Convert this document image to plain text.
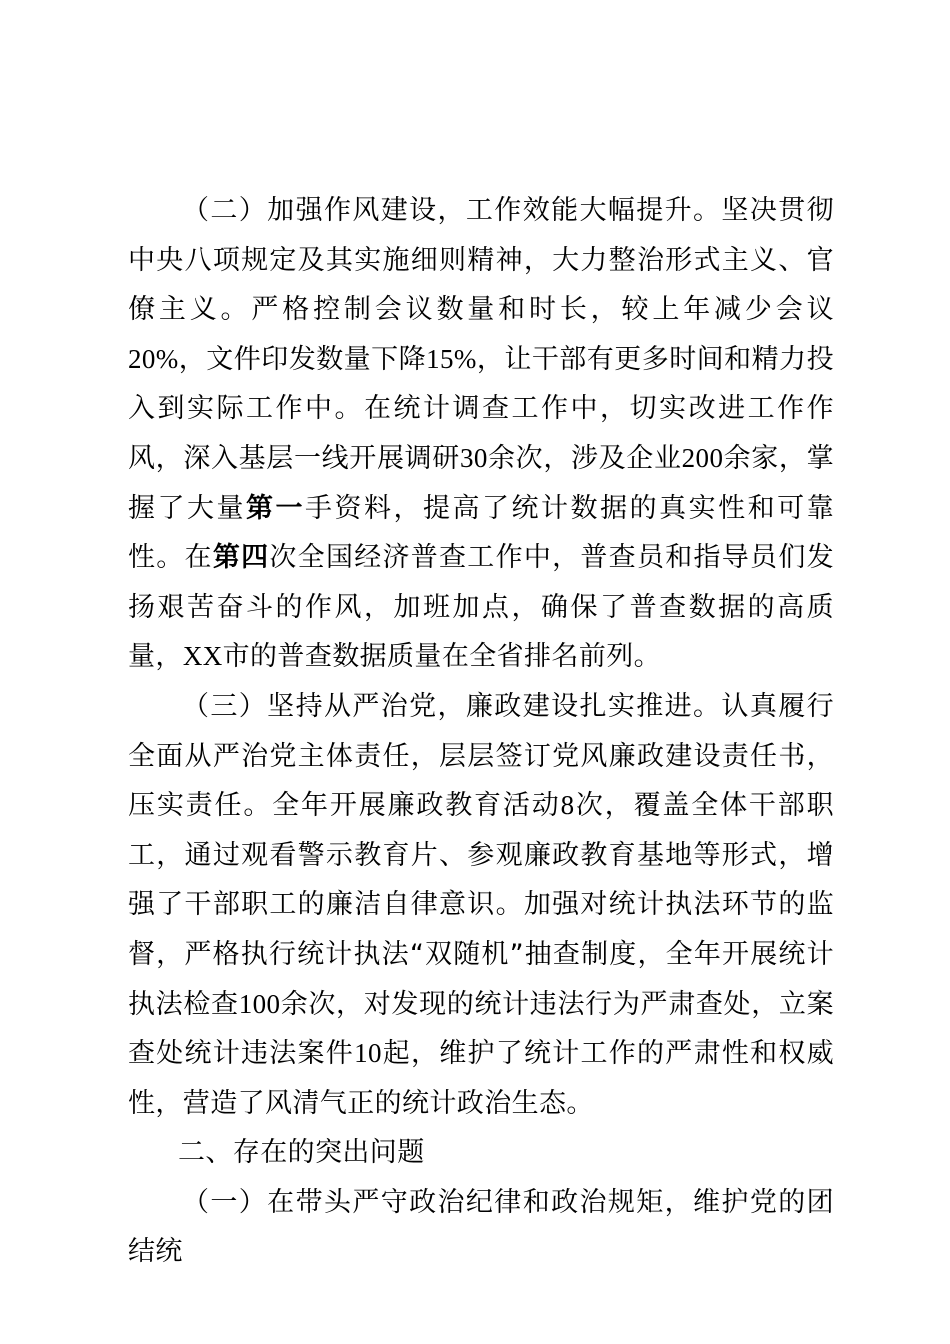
（二）加强作风建设，工作效能大幅提升。坚决贯彻中央八项规定及其实施细则精神，大力整治形式主义、官僚主义。严格控制会议数量和时长，较上年减少会议20%，文件印发数量下降15%，让干部有更多时间和精力投入到实际工作中。在统计调查工作中，切实改进工作作风，深入基层一线开展调研30余次，涉及企业200余家，掌握了大量第一手资料，提高了统计数据的真实性和可靠性。在第四次全国经济普查工作中，普查员和指导员们发扬艰苦奋斗的作风，加班加点，确保了普查数据的高质量，XX市的普查数据质量在全省排名前列。

（三）坚持从严治党，廉政建设扎实推进。认真履行全面从严治党主体责任，层层签订党风廉政建设责任书，压实责任。全年开展廉政教育活动8次，覆盖全体干部职工，通过观看警示教育片、参观廉政教育基地等形式，增强了干部职工的廉洁自律意识。加强对统计执法环节的监督，严格执行统计执法“双随机”抽查制度，全年开展统计执法检查100余次，对发现的统计违法行为严肃查处，立案查处统计违法案件10起，维护了统计工作的严肃性和权威性，营造了风清气正的统计政治生态。

二、存在的突出问题

（一）在带头严守政治纪律和政治规矩，维护党的团结统
